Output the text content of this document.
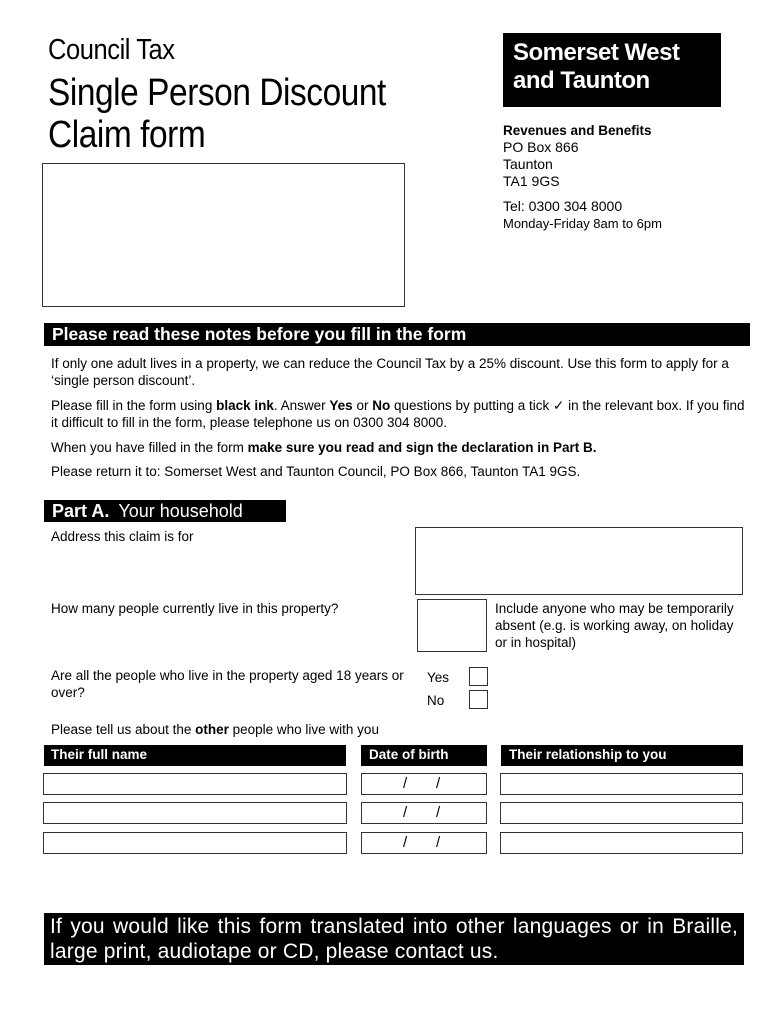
Council Tax
Single Person Discount
Claim form
Somerset West
and Taunton
Revenues and Benefits
PO Box 866
Taunton
TA1 9GS
Tel: 0300 304 8000
Monday-Friday 8am to 6pm
Please read these notes before you fill in the form
If only one adult lives in a property, we can reduce the Council Tax by a 25% discount. Use this form to apply for a ‘single person discount’.
Please fill in the form using black ink. Answer Yes or No questions by putting a tick ✓ in the relevant box. If you find it difficult to fill in the form, please telephone us on 0300 304 8000.
When you have filled in the form make sure you read and sign the declaration in Part B.
Please return it to: Somerset West and Taunton Council, PO Box 866, Taunton TA1 9GS.
Part A. Your household
Address this claim is for
How many people currently live in this property?	Include anyone who may be temporarily absent (e.g. is working away, on holiday or in hospital)
Are all the people who live in the property aged 18 years or over?
Yes
No
Please tell us about the other people who live with you
Their full name	Date of birth	Their relationship to you
/ /
/ /
/ /
If you would like this form translated into other languages or in Braille, large print, audiotape or CD, please contact us.
